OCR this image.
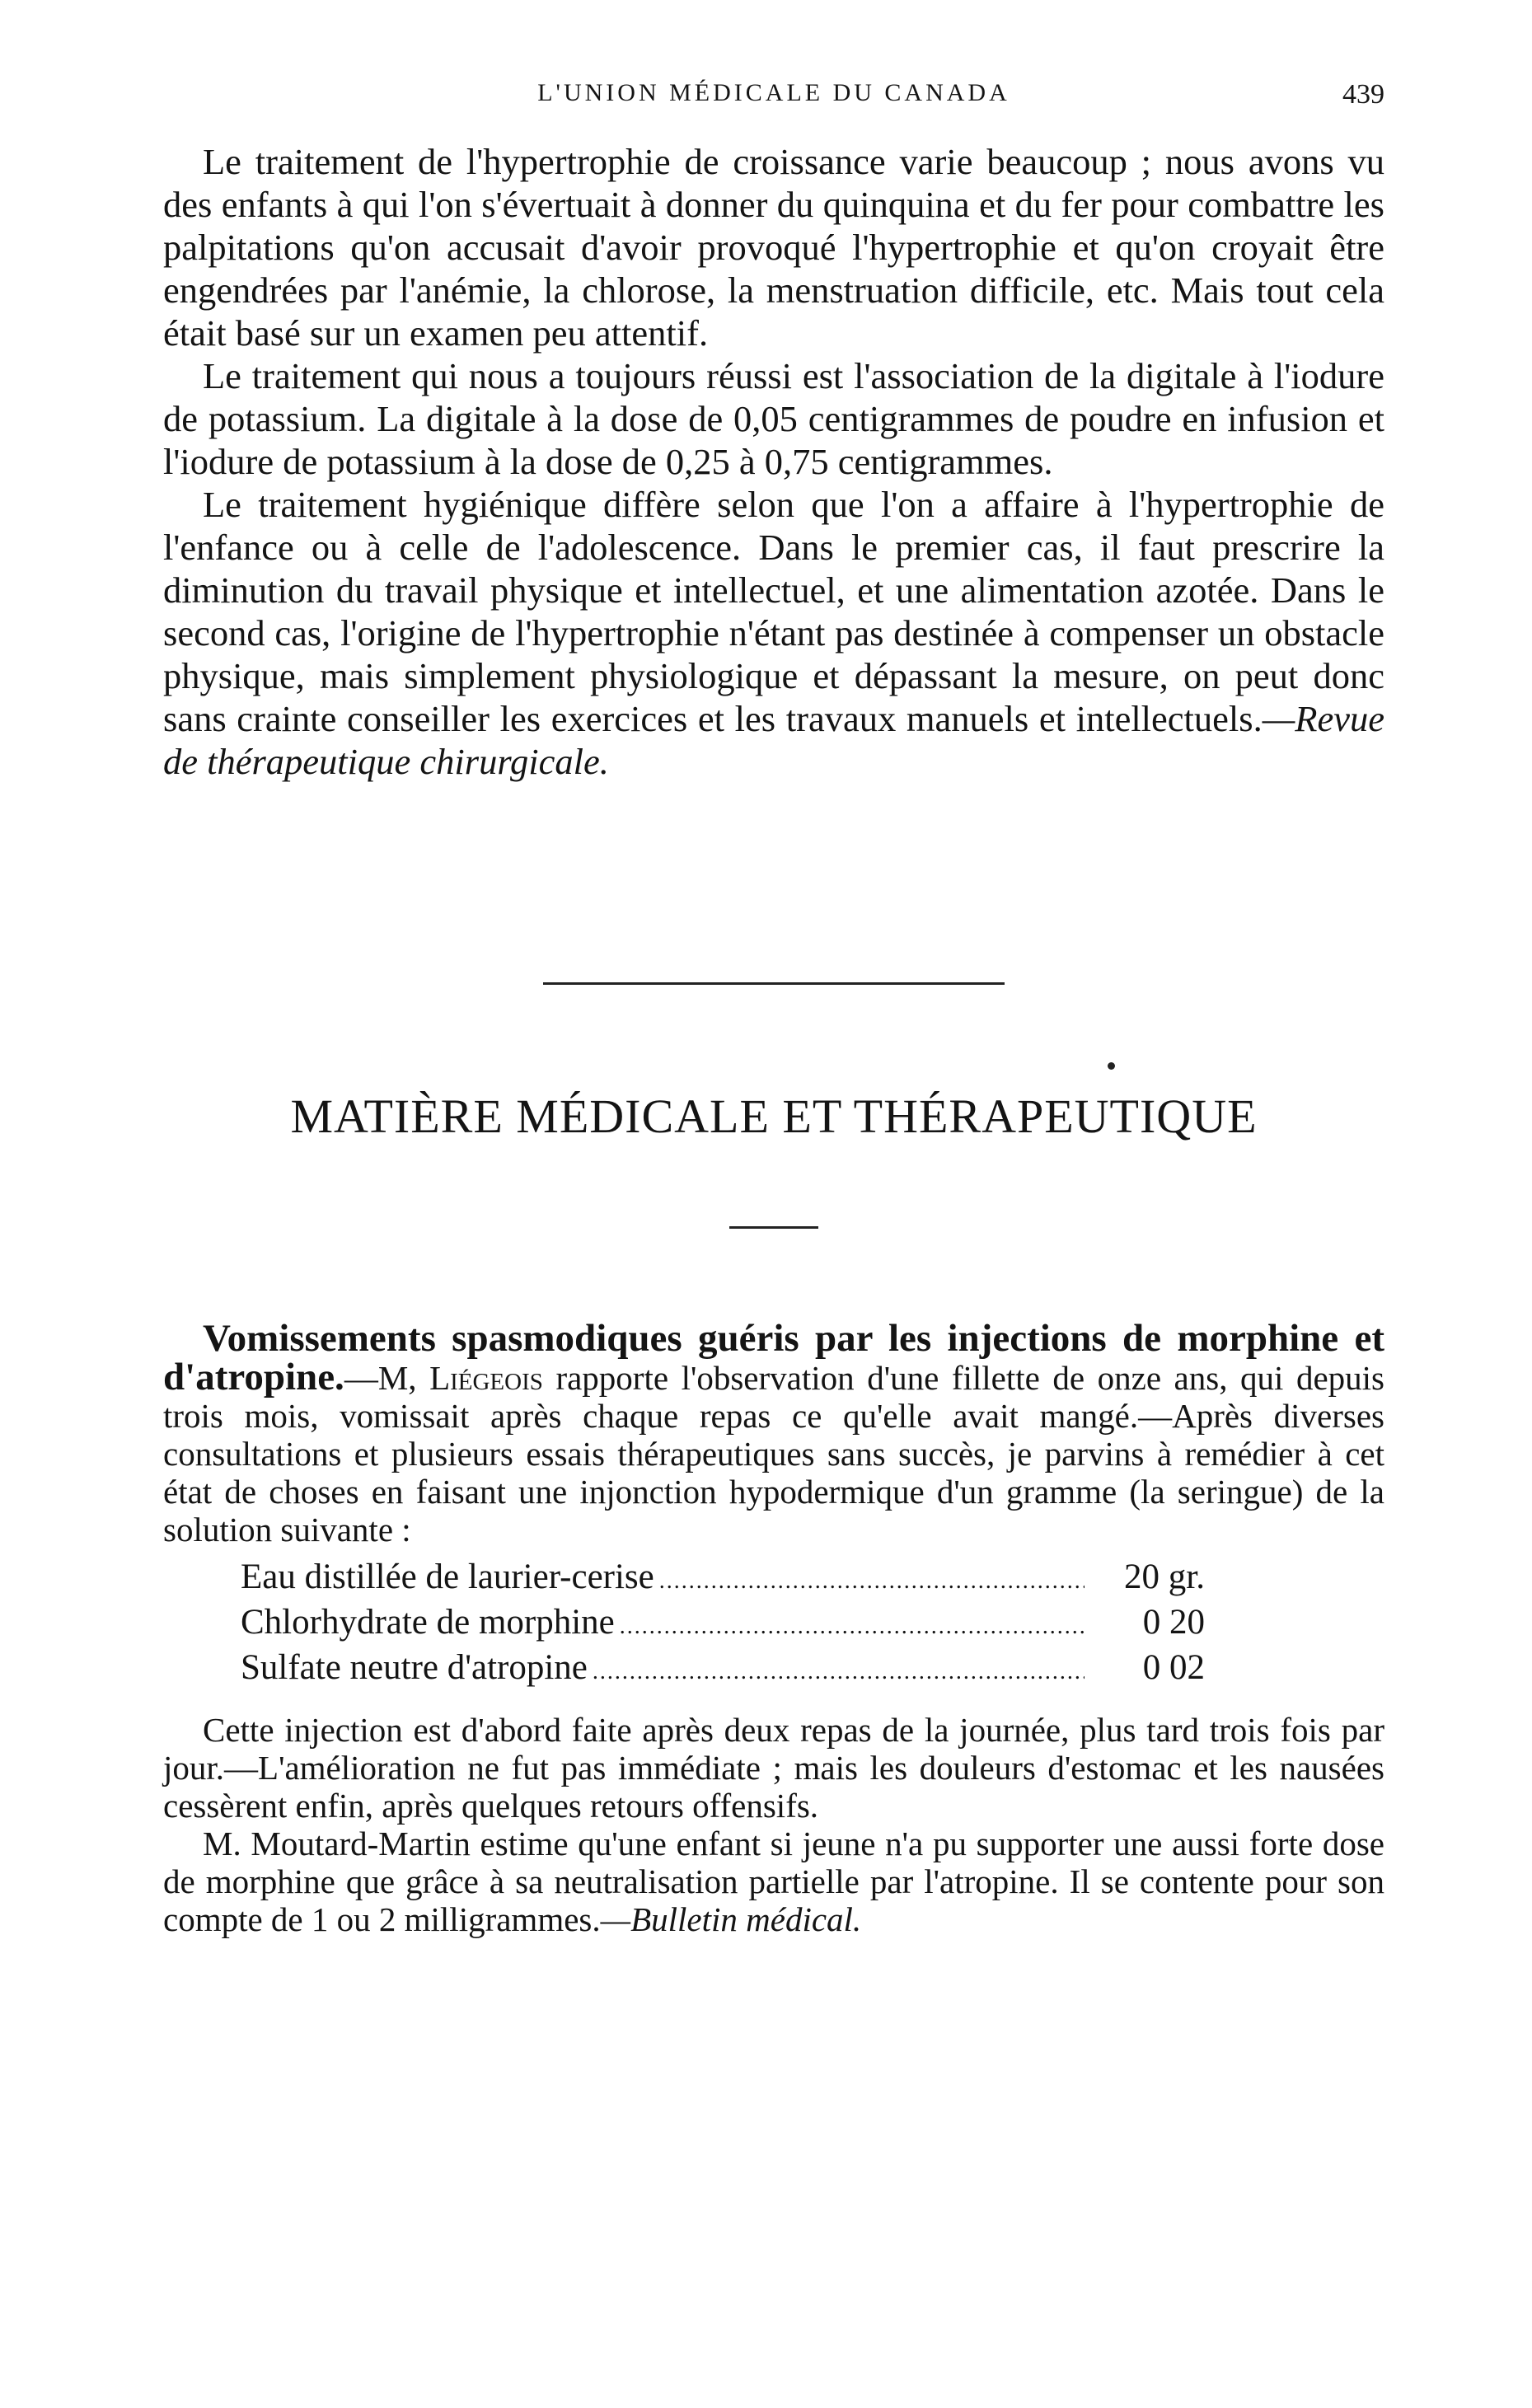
L'UNION MÉDICALE DU CANADA	439

Le traitement de l'hypertrophie de croissance varie beaucoup ; nous avons vu des enfants à qui l'on s'évertuait à donner du quinquina et du fer pour combattre les palpitations qu'on accusait d'avoir provoqué l'hypertrophie et qu'on croyait être engendrées par l'anémie, la chlorose, la menstruation difficile, etc. Mais tout cela était basé sur un examen peu attentif.

Le traitement qui nous a toujours réussi est l'association de la digitale à l'iodure de potassium. La digitale à la dose de 0,05 centigrammes de poudre en infusion et l'iodure de potassium à la dose de 0,25 à 0,75 centigrammes.

Le traitement hygiénique diffère selon que l'on a affaire à l'hypertrophie de l'enfance ou à celle de l'adolescence. Dans le premier cas, il faut prescrire la diminution du travail physique et intellectuel, et une alimentation azotée. Dans le second cas, l'origine de l'hypertrophie n'étant pas destinée à compenser un obstacle physique, mais simplement physiologique et dépassant la mesure, on peut donc sans crainte conseiller les exercices et les travaux manuels et intellectuels.—Revue de thérapeutique chirurgicale.

MATIÈRE MÉDICALE ET THÉRAPEUTIQUE

Vomissements spasmodiques guéris par les injections de morphine et d'atropine.—M, Liégeois rapporte l'observation d'une fillette de onze ans, qui depuis trois mois, vomissait après chaque repas ce qu'elle avait mangé.—Après diverses consultations et plusieurs essais thérapeutiques sans succès, je parvins à remédier à cet état de choses en faisant une injonction hypodermique d'un gramme (la seringue) de la solution suivante :

Eau distillée de laurier-cerise .....	20 gr.
Chlorhydrate de morphine .....	0 20
Sulfate neutre d'atropine .....	0 02

Cette injection est d'abord faite après deux repas de la journée, plus tard trois fois par jour.—L'amélioration ne fut pas immédiate ; mais les douleurs d'estomac et les nausées cessèrent enfin, après quelques retours offensifs.

M. Moutard-Martin estime qu'une enfant si jeune n'a pu supporter une aussi forte dose de morphine que grâce à sa neutralisation partielle par l'atropine. Il se contente pour son compte de 1 ou 2 milligrammes.—Bulletin médical.
